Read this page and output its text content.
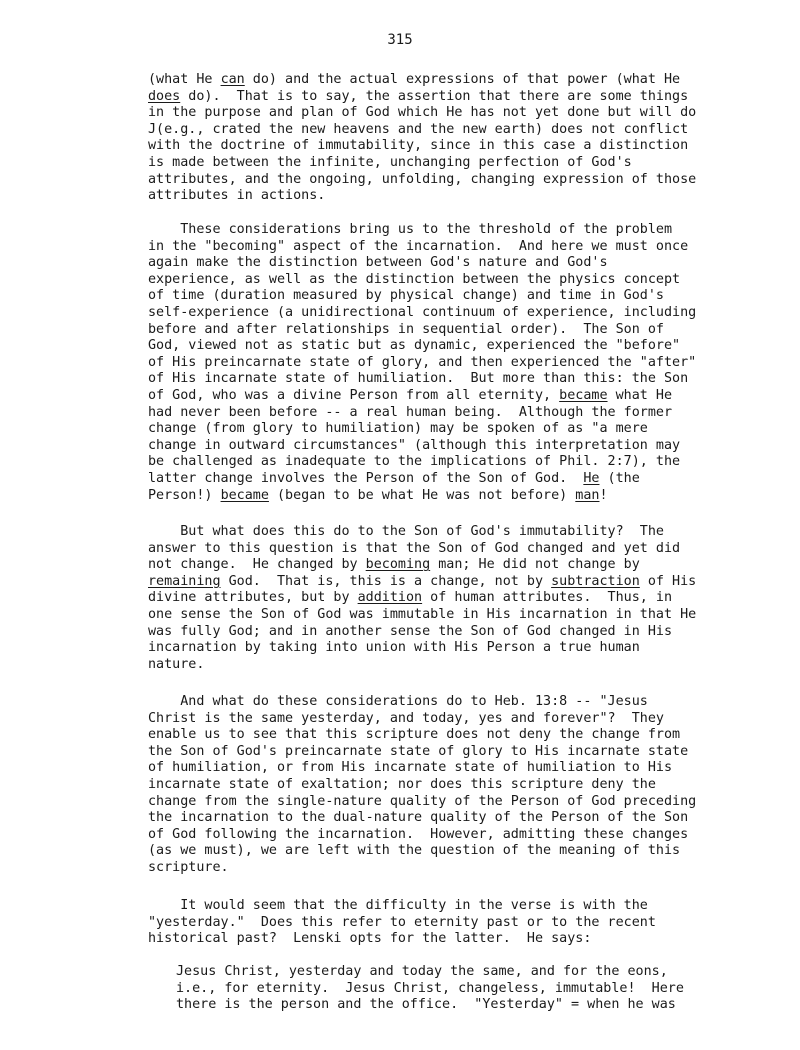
315
(what He can do) and the actual expressions of that power (what He
does do).  That is to say, the assertion that there are some things
in the purpose and plan of God which He has not yet done but will do
J(e.g., crated the new heavens and the new earth) does not conflict
with the doctrine of immutability, since in this case a distinction
is made between the infinite, unchanging perfection of God's
attributes, and the ongoing, unfolding, changing expression of those
attributes in actions.
These considerations bring us to the threshold of the problem
in the "becoming" aspect of the incarnation.  And here we must once
again make the distinction between God's nature and God's
experience, as well as the distinction between the physics concept
of time (duration measured by physical change) and time in God's
self-experience (a unidirectional continuum of experience, including
before and after relationships in sequential order).  The Son of
God, viewed not as static but as dynamic, experienced the "before"
of His preincarnate state of glory, and then experienced the "after"
of His incarnate state of humiliation.  But more than this: the Son
of God, who was a divine Person from all eternity, became what He
had never been before -- a real human being.  Although the former
change (from glory to humiliation) may be spoken of as "a mere
change in outward circumstances" (although this interpretation may
be challenged as inadequate to the implications of Phil. 2:7), the
latter change involves the Person of the Son of God.  He (the
Person!) became (began to be what He was not before) man!
But what does this do to the Son of God's immutability?  The
answer to this question is that the Son of God changed and yet did
not change.  He changed by becoming man; He did not change by
remaining God.  That is, this is a change, not by subtraction of His
divine attributes, but by addition of human attributes.  Thus, in
one sense the Son of God was immutable in His incarnation in that He
was fully God; and in another sense the Son of God changed in His
incarnation by taking into union with His Person a true human
nature.
And what do these considerations do to Heb. 13:8 -- "Jesus
Christ is the same yesterday, and today, yes and forever"?  They
enable us to see that this scripture does not deny the change from
the Son of God's preincarnate state of glory to His incarnate state
of humiliation, or from His incarnate state of humiliation to His
incarnate state of exaltation; nor does this scripture deny the
change from the single-nature quality of the Person of God preceding
the incarnation to the dual-nature quality of the Person of the Son
of God following the incarnation.  However, admitting these changes
(as we must), we are left with the question of the meaning of this
scripture.
It would seem that the difficulty in the verse is with the
"yesterday."  Does this refer to eternity past or to the recent
historical past?  Lenski opts for the latter.  He says:
Jesus Christ, yesterday and today the same, and for the eons,
i.e., for eternity.  Jesus Christ, changeless, immutable!  Here
there is the person and the office.  "Yesterday" = when he was
